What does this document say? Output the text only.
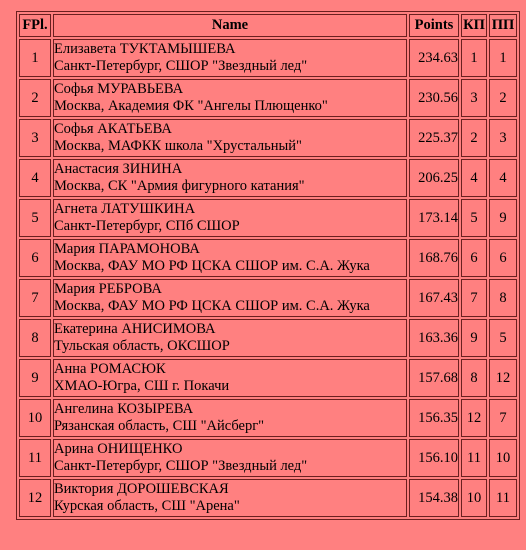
FPl.	Name	Points	КП	ПП
1	Елизавета ТУКТАМЫШЕВА
Санкт-Петербург, СШОР "Звездный лед"	234.63	1	1
2	Софья МУРАВЬЕВА
Москва, Академия ФК "Ангелы Плющенко"	230.56	3	2
3	Софья АКАТЬЕВА
Москва, МАФКК школа "Хрустальный"	225.37	2	3
4	Анастасия ЗИНИНА
Москва, СК "Армия фигурного катания"	206.25	4	4
5	Агнета ЛАТУШКИНА
Санкт-Петербург, СПб СШОР	173.14	5	9
6	Мария ПАРАМОНОВА
Москва, ФАУ МО РФ ЦСКА СШОР им. С.А. Жука	168.76	6	6
7	Мария РЕБРОВА
Москва, ФАУ МО РФ ЦСКА СШОР им. С.А. Жука	167.43	7	8
8	Екатерина АНИСИМОВА
Тульская область, ОКСШОР	163.36	9	5
9	Анна РОМАСЮК
ХМАО-Югра, СШ г. Покачи	157.68	8	12
10	Ангелина КОЗЫРЕВА
Рязанская область, СШ "Айсберг"	156.35	12	7
11	Арина ОНИЩЕНКО
Санкт-Петербург, СШОР "Звездный лед"	156.10	11	10
12	Виктория ДОРОШЕВСКАЯ
Курская область, СШ "Арена"	154.38	10	11
